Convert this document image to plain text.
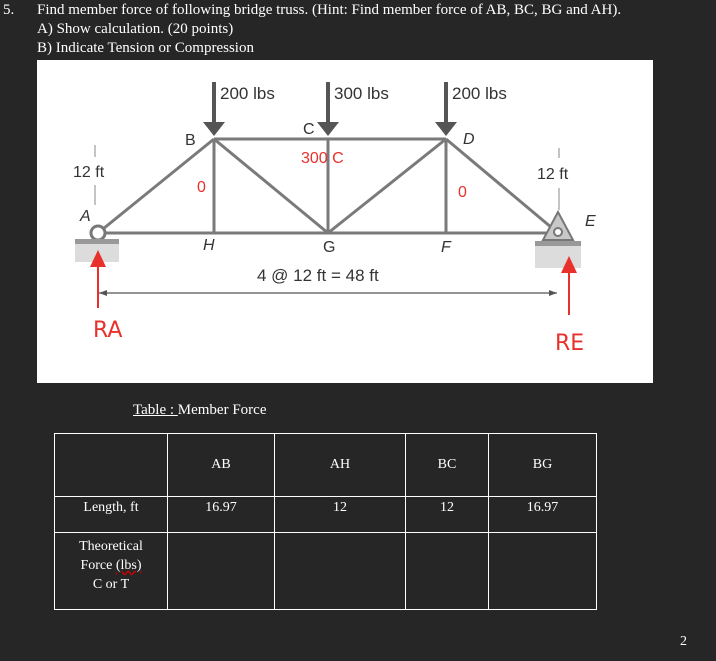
5. Find member force of following bridge truss. (Hint: Find member force of AB, BC, BG and AH).
A) Show calculation. (20 points)
B) Indicate Tension or Compression
200 lbs	300 lbs	200 lbs
12 ft	12 ft
B
C
D
A	E
H	G	F
0
300 C
0
4 @ 12 ft = 48 ft
RA
RE
Table : Member Force
	AB	AH	BC	BG
Length, ft	16.97	12	12	16.97

Theoretical
Force (lbs)
C or T				

2
